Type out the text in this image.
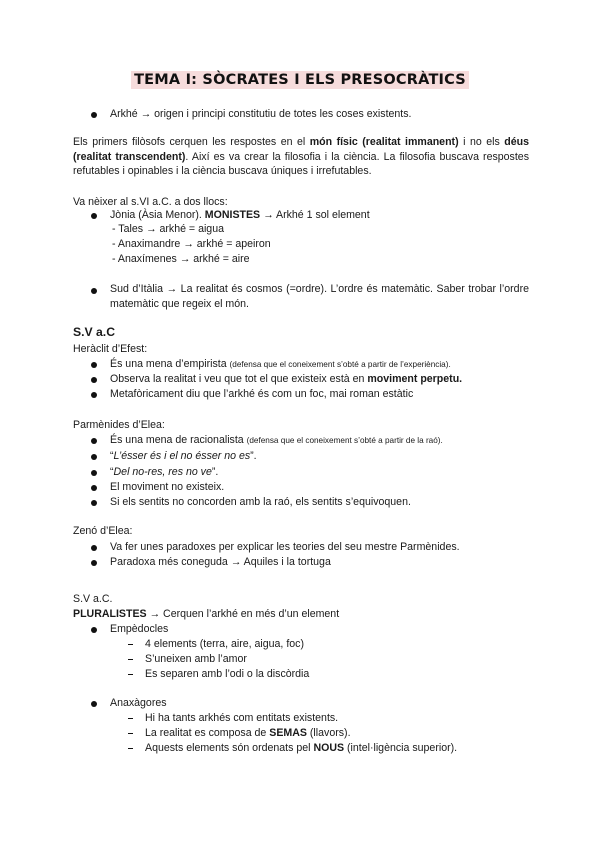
TEMA I: SÒCRATES I ELS PRESOCRÀTICS
Arkhé → origen i principi constitutiu de totes les coses existents.
Els primers filòsofs cerquen les respostes en el món físic (realitat immanent) i no els déus (realitat transcendent). Així es va crear la filosofia i la ciència. La filosofia buscava respostes refutables i opinables i la ciència buscava úniques i irrefutables.
Va nèixer al s.VI a.C. a dos llocs:
Jònia (Àsia Menor). MONISTES → Arkhé 1 sol element
- Tales → arkhé = aigua
- Anaximandre → arkhé = apeiron
- Anaxímenes → arkhé = aire
Sud d’Itàlia → La realitat és cosmos (=ordre). L’ordre és matemàtic. Saber trobar l’ordre matemàtic que regeix el món.
S.V a.C
Heràclit d’Efest:
És una mena d’empirista (defensa que el coneixement s’obté a partir de l’experiència).
Observa la realitat i veu que tot el que existeix està en moviment perpetu.
Metafòricament diu que l’arkhé és com un foc, mai roman estàtic
Parmènides d’Elea:
És una mena de racionalista (defensa que el coneixement s’obté a partir de la raó).
“L’ésser és i el no ésser no es”.
“Del no-res, res no ve”.
El moviment no existeix.
Si els sentits no concorden amb la raó, els sentits s’equivoquen.
Zenó d’Elea:
Va fer unes paradoxes per explicar les teories del seu mestre Parmènides.
Paradoxa més coneguda → Aquiles i la tortuga
S.V a.C.
PLURALISTES → Cerquen l’arkhé en més d’un element
Empèdocles
4 elements (terra, aire, aigua, foc)
S’uneixen amb l’amor
Es separen amb l’odi o la discòrdia
Anaxàgores
Hi ha tants arkhés com entitats existents.
La realitat es composa de SEMAS (llavors).
Aquests elements són ordenats pel NOUS (intel·ligència superior).
